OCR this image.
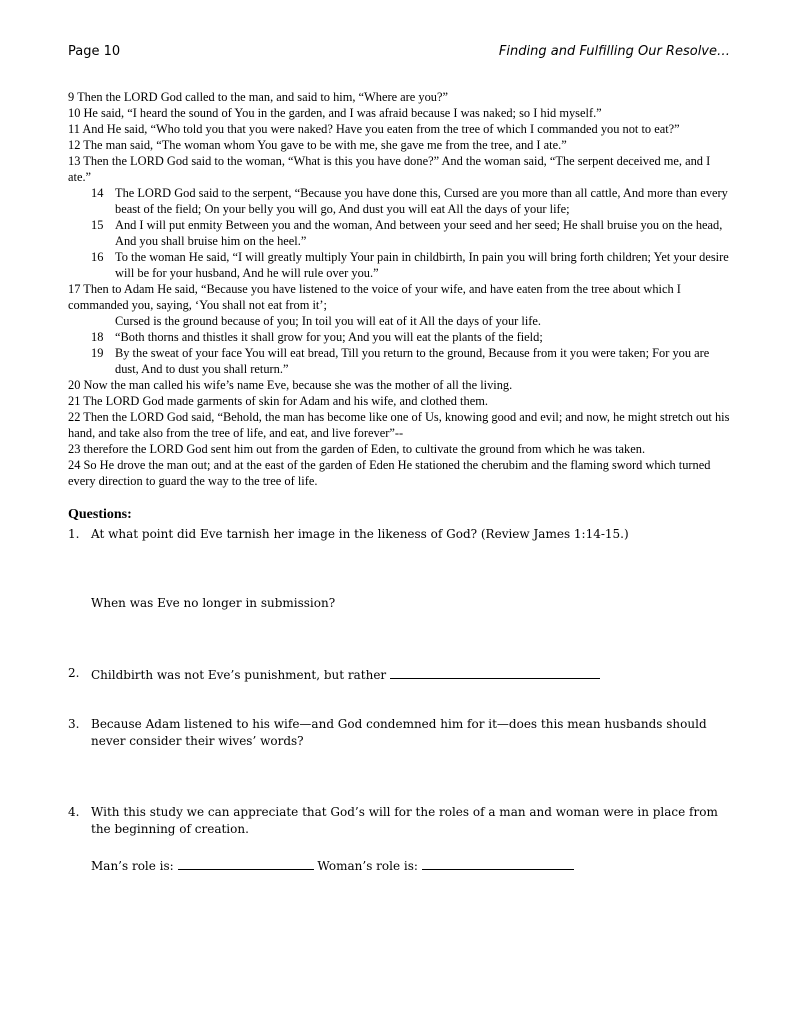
Page 10	Finding and Fulfilling Our Resolve…

9 Then the LORD God called to the man, and said to him, “Where are you?”

10 He said, “I heard the sound of You in the garden, and I was afraid because I was naked; so I hid myself.”

11 And He said, “Who told you that you were naked? Have you eaten from the tree of which I commanded you not to eat?”

12 The man said, “The woman whom You gave to be with me, she gave me from the tree, and I ate.”

13 Then the LORD God said to the woman, “What is this you have done?” And the woman said, “The serpent deceived me, and I ate.”

14 The LORD God said to the serpent, “Because you have done this, Cursed are you more than all cattle, And more than every beast of the field; On your belly you will go, And dust you will eat All the days of your life;

15 And I will put enmity Between you and the woman, And between your seed and her seed; He shall bruise you on the head, And you shall bruise him on the heel.”

16 To the woman He said, “I will greatly multiply Your pain in childbirth, In pain you will bring forth children; Yet your desire will be for your husband, And he will rule over you.”

17 Then to Adam He said, “Because you have listened to the voice of your wife, and have eaten from the tree about which I commanded you, saying, ‘You shall not eat from it’;

Cursed is the ground because of you; In toil you will eat of it All the days of your life.

18 “Both thorns and thistles it shall grow for you; And you will eat the plants of the field;

19 By the sweat of your face You will eat bread, Till you return to the ground, Because from it you were taken; For you are dust, And to dust you shall return.”

20 Now the man called his wife’s name Eve, because she was the mother of all the living.

21 The LORD God made garments of skin for Adam and his wife, and clothed them.

22 Then the LORD God said, “Behold, the man has become like one of Us, knowing good and evil; and now, he might stretch out his hand, and take also from the tree of life, and eat, and live forever”--

23 therefore the LORD God sent him out from the garden of Eden, to cultivate the ground from which he was taken.

24 So He drove the man out; and at the east of the garden of Eden He stationed the cherubim and the flaming sword which turned every direction to guard the way to the tree of life.

Questions:
1. At what point did Eve tarnish her image in the likeness of God? (Review James 1:14-15.)
When was Eve no longer in submission?
2. Childbirth was not Eve’s punishment, but rather
3. Because Adam listened to his wife—and God condemned him for it—does this mean husbands should never consider their wives’ words?
4. With this study we can appreciate that God’s will for the roles of a man and woman were in place from the beginning of creation.
Man’s role is:	Woman’s role is:
